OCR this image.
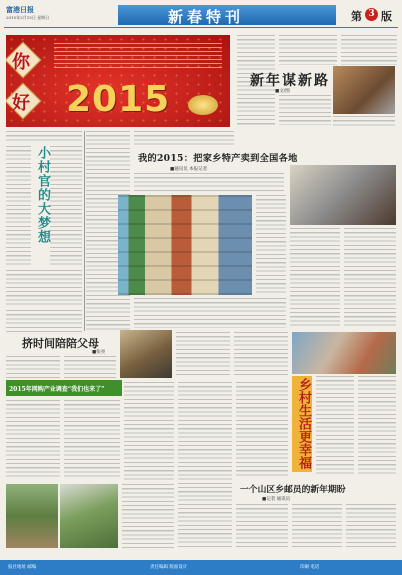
富港日报
2015年2月15日 星期日	新春特刊	第 3 版
你
好 2015	新年谋新路
■文/图
小村官的大梦想	我的2015：把家乡特产卖到全国各地
■通讯员 本报记者
挤时间陪陪父母
■张亮
2015年网购产业调查“我们也来了”	乡村生活更幸福
一个山区乡邮员的新年期盼
■记者 通讯员
报社地址 邮编	责任编辑 版面设计	印刷 电话
